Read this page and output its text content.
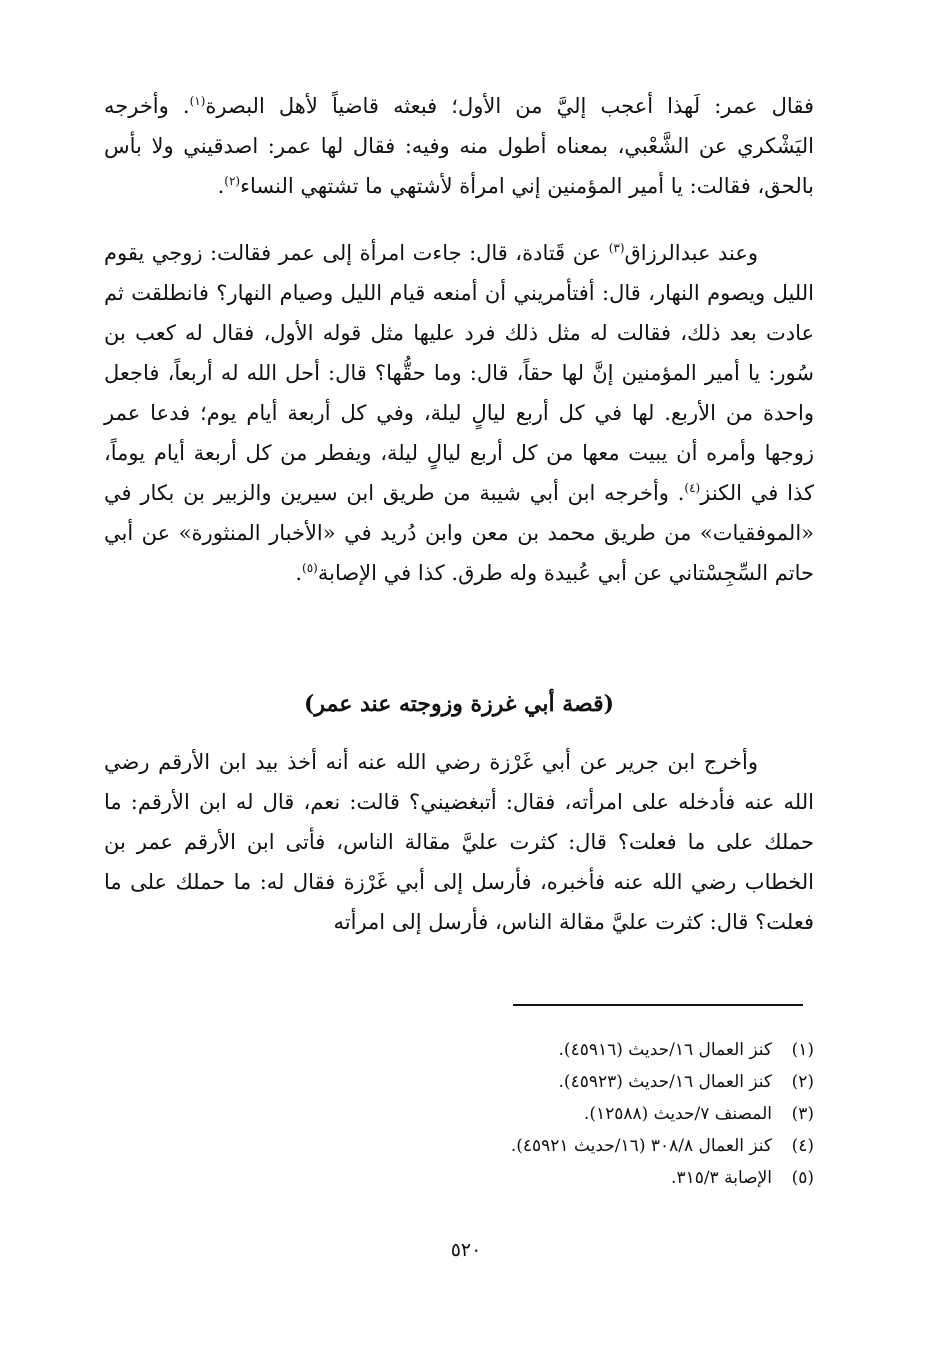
فقال عمر: لَهذا أعجب إليَّ من الأول؛ فبعثه قاضياً لأهل البصرة$^{(١)}$. وأخرجه اليَشْكري عن الشَّعْبي، بمعناه أطول منه وفيه: فقال لها عمر: اصدقيني ولا بأس بالحق، فقالت: يا أمير المؤمنين إني امرأة لأشتهي ما تشتهي النساء$^{(٢)}$.

وعند عبدالرزاق$^{(٣)}$ عن قَتادة، قال: جاءت امرأة إلى عمر فقالت: زوجي يقوم الليل ويصوم النهار، قال: أفتأمريني أن أمنعه قيام الليل وصيام النهار؟ فانطلقت ثم عادت بعد ذلك، فقالت له مثل ذلك فرد عليها مثل قوله الأول، فقال له كعب بن سُور: يا أمير المؤمنين إنَّ لها حقاً، قال: وما حقُّها؟ قال: أحل الله له أربعاً، فاجعل واحدة من الأربع. لها في كل أربع ليالٍ ليلة، وفي كل أربعة أيام يوم؛ فدعا عمر زوجها وأمره أن يبيت معها من كل أربع ليالٍ ليلة، ويفطر من كل أربعة أيام يوماً، كذا في الكنز$^{(٤)}$. وأخرجه ابن أبي شيبة من طريق ابن سيرين والزبير بن بكار في «الموفقيات» من طريق محمد بن معن وابن دُريد في «الأخبار المنثورة» عن أبي حاتم السِّجِسْتاني عن أبي عُبيدة وله طرق. كذا في الإصابة$^{(٥)}$.

(قصة أبي غرزة وزوجته عند عمر)

وأخرج ابن جرير عن أبي غَرْزة رضي الله عنه أنه أخذ بيد ابن الأرقم رضي الله عنه فأدخله على امرأته، فقال: أتبغضيني؟ قالت: نعم، قال له ابن الأرقم: ما حملك على ما فعلت؟ قال: كثرت عليَّ مقالة الناس، فأتى ابن الأرقم عمر بن الخطاب رضي الله عنه فأخبره، فأرسل إلى أبي غَرْزة فقال له: ما حملك على ما فعلت؟ قال: كثرت عليَّ مقالة الناس، فأرسل إلى امرأته

(١)
كنز العمال ١٦/حديث (٤٥٩١٦).
(٢)
كنز العمال ١٦/حديث (٤٥٩٢٣).
(٣)
المصنف ٧/حديث (١٢٥٨٨).
(٤)
كنز العمال ٣٠٨/٨ (١٦/حديث ٤٥٩٢١).
(٥)
الإصابة ٣١٥/٣.

٥٢٠
